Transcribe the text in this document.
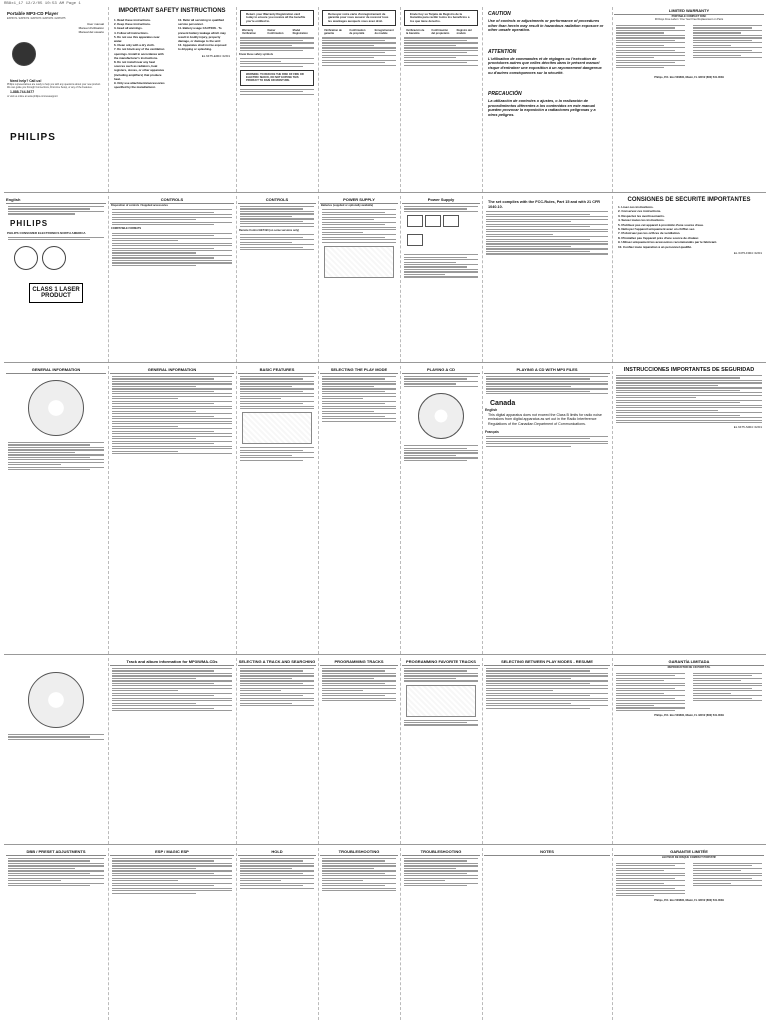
RB8x1_17 12/2/05 10:53 AM Page 1
Portable MP3-CD Player
EXP3371 / EXP3372 / EXP3373 / EXP3374 / EXP3375
User manual
Manuel d'utilisation
Manual del usuario
Need help? Call us!
Philips representatives are ready to help you with any questions about your new product. We can guide you through Connections, First-time Setup, or any of the Features.
1-888-744-5477
or visit us online at www.philips.com/usasupport
PHILIPS
IMPORTANT SAFETY INSTRUCTIONS
1. Read these instructions.
2. Keep these instructions.
3. Heed all warnings.
4. Follow all instructions.
5. Do not use this apparatus near water.
6. Clean only with a dry cloth.
7. Do not block any of the ventilation openings. Install in accordance with the manufacturer's instructions.
8. Do not install near any heat sources such as radiators, heat registers, stoves, or other apparatus (including amplifiers) that produce heat.
9. Only use attachments/accessories specified by the manufacturer.
10. Refer all servicing to qualified service personnel.
11. Battery usage CAUTION - To prevent battery leakage which may result in bodily injury, property damage, or damage to the unit:
12. Apparatus shall not be exposed to dripping or splashing.
EL 6475-E004: 02/01
Return your Warranty Registration card today to ensure you receive all the benefits you're entitled to.
Warranty Verification
Owner Confirmation
Model Registration
Know these safety symbols
WARNING: TO REDUCE THE RISK OF FIRE OR ELECTRIC SHOCK, DO NOT EXPOSE THIS PRODUCT TO RAIN OR MOISTURE.
Renvoyez votre carte d'enregistrement de garantie pour vous assurer de recevoir tous les avantages auxquels vous avez droit.
Vérification de garantie
Confirmation de propriété
Enregistrement du modèle
Envíe hoy su Tarjeta de Registro de la Garantía para recibir todos los beneficios a los que tiene derecho.
Verificación de la Garantía
Confirmación del propietario
Registro del modelo
CAUTION
Use of controls or adjustments or performance of procedures other than herein may result in hazardous radiation exposure or other unsafe operation.
ATTENTION
L'utilisation de commandes et de réglages ou l'exécution de procédures autres que celles décrites dans le présent manuel risque d'entraîner une exposition à un rayonnement dangereux ou d'autres conséquences sur la sécurité.
PRECAUCIÓN
La utilización de controles o ajustes, o la realización de procedimientos diferentes a los contenidos en este manual pueden provocar la exposición a radiaciones peligrosas y a otros peligros.
LIMITED WARRANTY
PORTABLE COMPACT DISC
90 Days Free Labor / One Year Free Replacement on Parts
Philips, P.O. Box 520890, Miami, FL 33152 (800) 531-0039
English
PHILIPS
PHILIPS CONSUMER ELECTRONICS NORTH AMERICA
CLASS 1 LASER PRODUCT
CONTROLS
Disposition of controls / Supplied accessories
COMPATIBLE FORMATS
CONTROLS
Remote Control HE7190 (on some versions only)
POWER SUPPLY
Batteries (supplied or optionally available)
Power Supply	The set complies with the FCC-Rules, Part 15 and with 21 CFR 1040.10.
CONSIGNES DE SÉCURITÉ IMPORTANTES
1. Lisez ces instructions.
2. Conservez ces instructions.
3. Respectez les avertissements.
4. Suivez toutes les instructions.
5. N'utilisez pas cet appareil à proximité d'une source d'eau.
6. Nettoyez l'appareil uniquement avec un chiffon sec.
7. N'obstruez pas les orifices de ventilation.
8. N'installez pas l'appareil près d'une source de chaleur.
9. Utilisez uniquement les accessoires recommandés par le fabricant.
10. Confiez toute réparation à un personnel qualifié.
EL 6475-F004: 02/01
GENERAL INFORMATION	GENERAL INFORMATION	BASIC FEATURES	SELECTING THE PLAY MODE	PLAYING A CD	PLAYING A CD WITH MP3 FILES
Canada
English
This digital apparatus does not exceed the Class B limits for radio noise emissions from digital apparatus as set out in the Radio Interference Regulations of the Canadian Department of Communications.
Français
INSTRUCCIONES IMPORTANTES DE SEGURIDAD
EL 6475-S004: 02/01
Track and album information for MP3/WMA-CDs	SELECTING A TRACK AND SEARCHING	PROGRAMMING TRACKS	PROGRAMMING FAVORITE TRACKS	SELECTING BETWEEN PLAY MODES - RESUME	GARANTÍA LIMITADA
REPRODUCTOR DE CD PORTÁTIL
Philips, P.O. Box 520890, Miami, FL 33152 (800) 531-0039
DBB / PRESET ADJUSTMENTS	ESP / MAGIC ESP	HOLD	TROUBLESHOOTING	TROUBLESHOOTING	NOTES	GARANTIE LIMITÉE
LECTEUR DE DISQUE COMPACT PORTATIF
Philips, P.O. Box 520890, Miami, FL 33152 (800) 531-0039
